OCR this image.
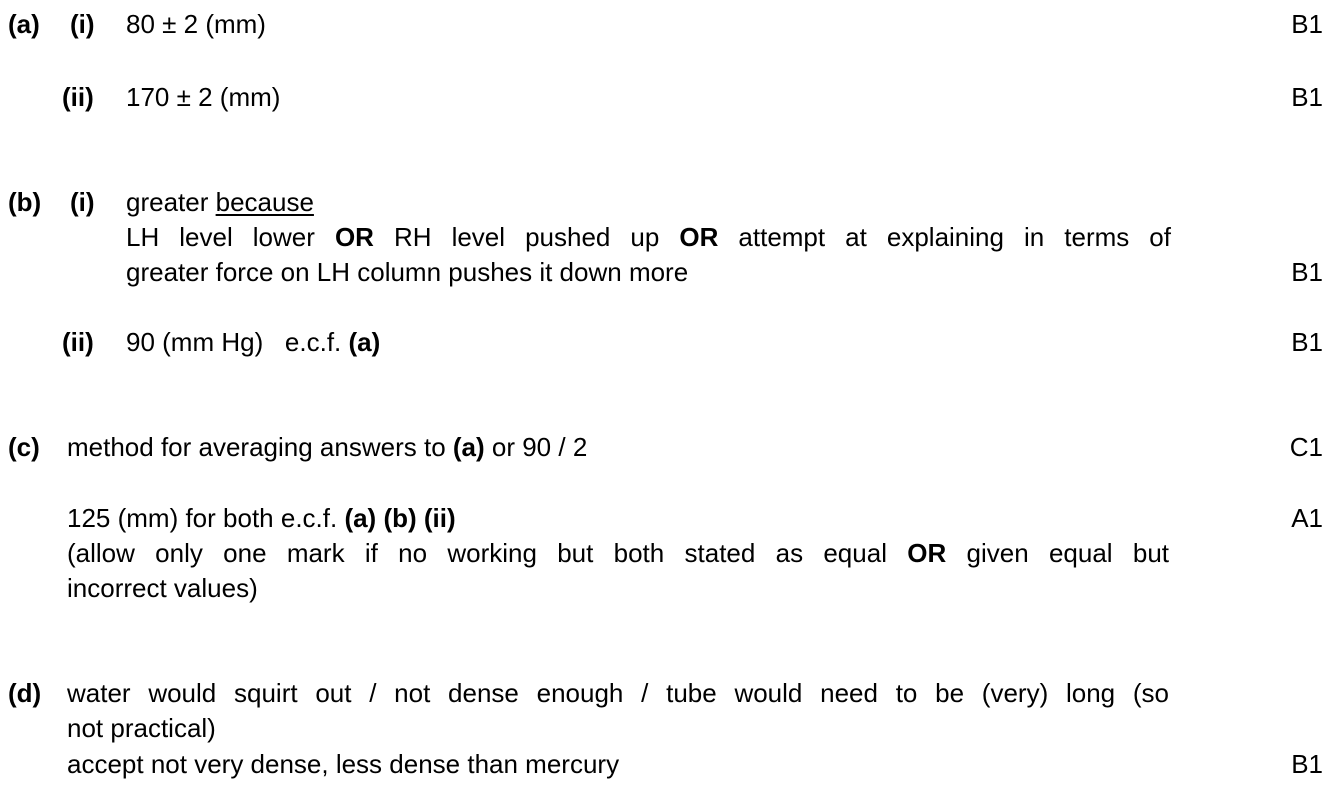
(a) (i) 80 ± 2 (mm)	B1
(ii) 170 ± 2 (mm)	B1
(b) (i) greater because
LH level lower OR RH level pushed up OR attempt at explaining in terms of
greater force on LH column pushes it down more	B1
(ii) 90 (mm Hg)   e.c.f. (a)	B1
(c) method for averaging answers to (a) or 90 / 2	C1
125 (mm) for both e.c.f. (a) (b) (ii)	A1
(allow only one mark if no working but both stated as equal OR given equal but
incorrect values)
(d) water would squirt out / not dense enough / tube would need to be (very) long (so
not practical)
accept not very dense, less dense than mercury	B1
